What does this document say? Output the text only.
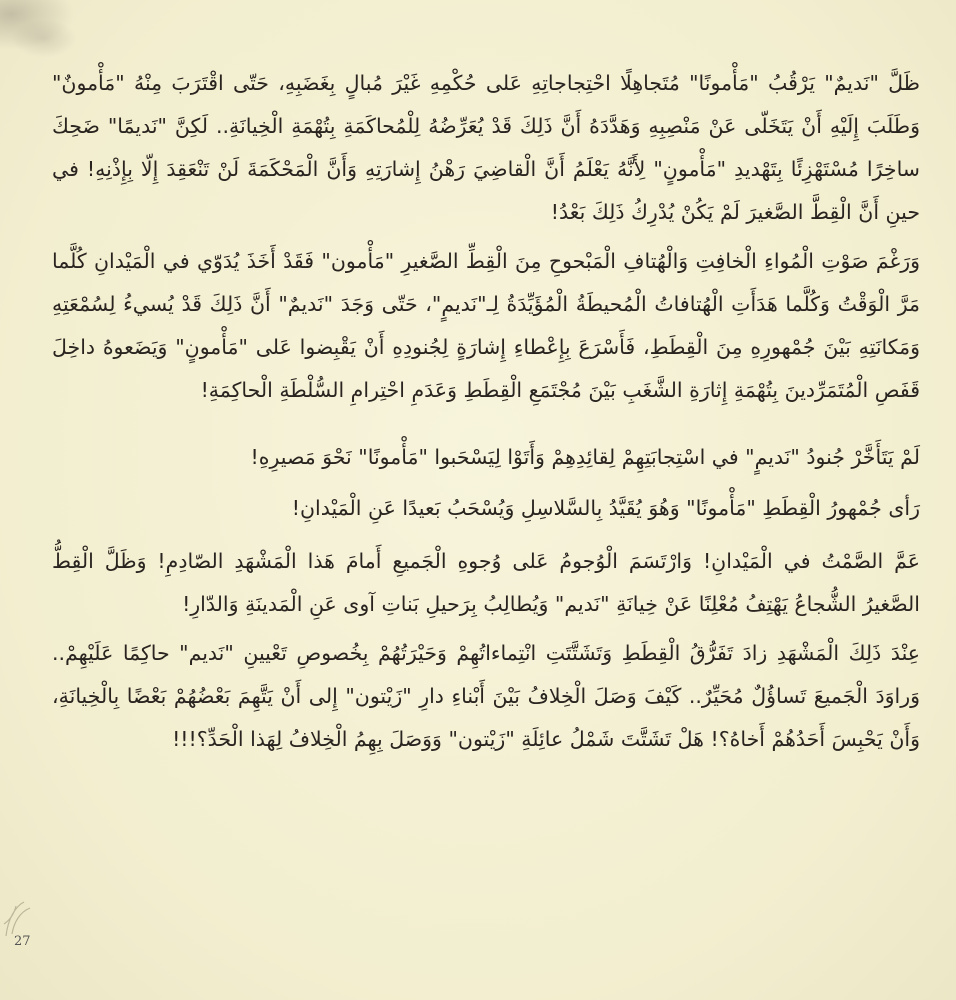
ظَلَّ "نَديمٌ" يَرْقُبُ "مَأْمونًا" مُتَجاهِلًا احْتِجاجاتِهِ عَلى حُكْمِهِ غَيْرَ مُبالٍ بِغَضَبِهِ، حَتّى اقْتَرَبَ مِنْهُ "مَأْمونٌ" وَطَلَبَ إِلَيْهِ أَنْ يَتَخَلّى عَنْ مَنْصِبِهِ وَهَدَّدَهُ أَنَّ ذَلِكَ قَدْ يُعَرِّضُهُ لِلْمُحاكَمَةِ بِتُهْمَةِ الْخِيانَةِ.. لَكِنَّ "نَديمًا" ضَحِكَ ساخِرًا مُسْتَهْزِئًا بِتَهْديدِ "مَأْمونٍ" لِأَنَّهُ يَعْلَمُ أَنَّ الْقاضِيَ رَهْنُ إِشارَتِهِ وَأَنَّ الْمَحْكَمَةَ لَنْ تَنْعَقِدَ إِلّا بِإِذْنِهِ! في حينِ أَنَّ الْقِطَّ الصَّغيرَ لَمْ يَكُنْ يُدْرِكُ ذَلِكَ بَعْدُ!

وَرَغْمَ صَوْتِ الْمُواءِ الْخافِتِ وَالْهُتافِ الْمَبْحوحِ مِنَ الْقِطِّ الصَّغيرِ "مَأْمون" فَقَدْ أَخَذَ يُدَوّي في الْمَيْدانِ كُلَّما مَرَّ الْوَقْتُ وَكُلَّما هَدَأَتِ الْهُتافاتُ الْمُحيطَةُ الْمُؤَيِّدَةُ لِـ"نَديمٍ"، حَتّى وَجَدَ "نَديمٌ" أَنَّ ذَلِكَ قَدْ يُسيءُ لِسُمْعَتِهِ وَمَكانَتِهِ بَيْنَ جُمْهورِهِ مِنَ الْقِطَطِ، فَأَسْرَعَ بِإِعْطاءِ إِشارَةٍ لِجُنودِهِ أَنْ يَقْبِضوا عَلى "مَأْمونٍ" وَيَضَعوهُ داخِلَ قَفَصِ الْمُتَمَرِّدينَ بِتُهْمَةِ إِثارَةِ الشَّغَبِ بَيْنَ مُجْتَمَعِ الْقِطَطِ وَعَدَمِ احْتِرامِ السُّلْطَةِ الْحاكِمَةِ!

لَمْ يَتَأَخَّرْ جُنودُ "نَديمٍ" في اسْتِجابَتِهِمْ لِقائِدِهِمْ وَأَتَوْا لِيَسْحَبوا "مَأْمونًا" نَحْوَ مَصيرِهِ!

رَأى جُمْهورُ الْقِطَطِ "مَأْمونًا" وَهُوَ يُقَيَّدُ بِالسَّلاسِلِ وَيُسْحَبُ بَعيدًا عَنِ الْمَيْدانِ!

عَمَّ الصَّمْتُ في الْمَيْدانِ! وَارْتَسَمَ الْوُجومُ عَلى وُجوهِ الْجَميعِ أَمامَ هَذا الْمَشْهَدِ الصّادِمِ! وَظَلَّ الْقِطُّ الصَّغيرُ الشُّجاعُ يَهْتِفُ مُعْلِنًا عَنْ خِيانَةِ "نَديم" وَيُطالِبُ بِرَحيلِ بَناتِ آوى عَنِ الْمَدينَةِ وَالدّارِ!

عِنْدَ ذَلِكَ الْمَشْهَدِ زادَ تَفَرُّقُ الْقِطَطِ وَتَشَتَّتَتِ انْتِماءاتُهِمْ وَحَيْرَتُهُمْ بِخُصوصِ تَعْيينِ "نَديم" حاكِمًا عَلَيْهِمْ.. وَراوَدَ الْجَميعَ تَساؤُلٌ مُحَيِّرٌ.. كَيْفَ وَصَلَ الْخِلافُ بَيْنَ أَبْناءِ دارِ "زَيْتون" إِلى أَنْ يَتَّهِمَ بَعْضُهُمْ بَعْضًا بِالْخِيانَةِ، وَأَنْ يَحْبِسَ أَحَدُهُمْ أَخاهُ؟! هَلْ تَشَتَّتَ شَمْلُ عائِلَةِ "زَيْتون" وَوَصَلَ بِهِمُ الْخِلافُ لِهَذا الْحَدِّ؟!!!

27
